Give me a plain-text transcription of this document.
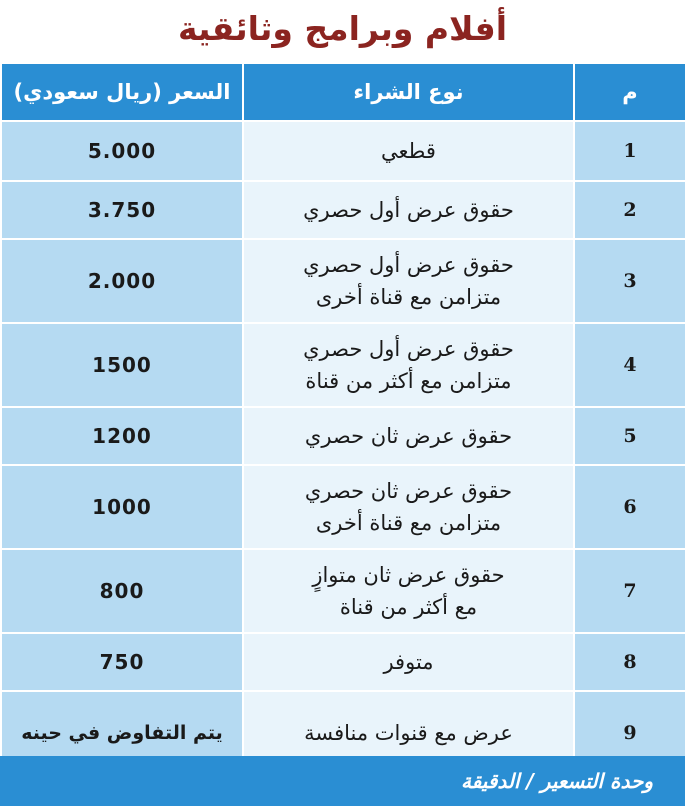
أفلام وبرامج وثائقية
م	نوع الشراء	السعر (ريال سعودي)
1	قطعي	5.000
2	حقوق عرض أول حصري	3.750
3	حقوق عرض أول حصري
متزامن مع قناة أخرى	2.000
4	حقوق عرض أول حصري
متزامن مع أكثر من قناة	1500
5	حقوق عرض ثان حصري	1200
6	حقوق عرض ثان حصري
متزامن مع قناة أخرى	1000
7	حقوق عرض ثان متوازٍ
مع أكثر من قناة	800
8	متوفر	750
9	عرض مع قنوات منافسة	يتم التفاوض في حينه
وحدة التسعير / الدقيقة
